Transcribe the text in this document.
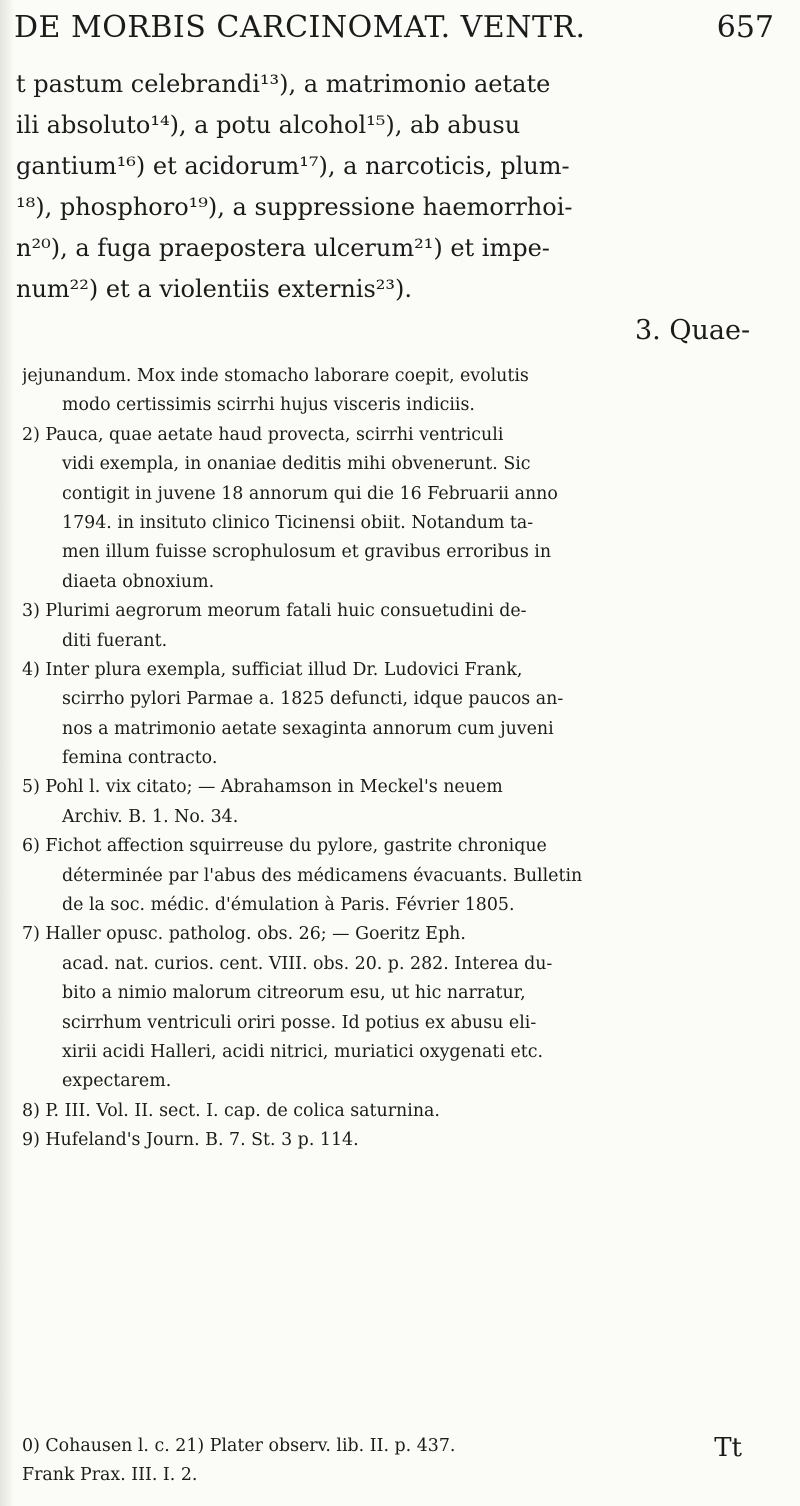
DE MORBIS CARCINOMAT. VENTR.	657
t pastum celebrandi¹³), a matrimonio aetate
ili absoluto¹⁴), a potu alcohol¹⁵), ab abusu
gantium¹⁶) et acidorum¹⁷), a narcoticis, plum-
¹⁸), phosphoro¹⁹), a suppressione haemorrhoi-
n²⁰), a fuga praepostera ulcerum²¹) et impe-
num²²) et a violentiis externis²³).
3. Quae-
jejunandum. Mox inde stomacho laborare coepit, evolutis
modo certissimis scirrhi hujus visceris indiciis.
2) Pauca, quae aetate haud provecta, scirrhi ventriculi
vidi exempla, in onaniae deditis mihi obvenerunt. Sic
contigit in juvene 18 annorum qui die 16 Februarii anno
1794. in insituto clinico Ticinensi obiit. Notandum ta-
men illum fuisse scrophulosum et gravibus erroribus in
diaeta obnoxium.
3) Plurimi aegrorum meorum fatali huic consuetudini de-
diti fuerant.
4) Inter plura exempla, sufficiat illud Dr. Ludovici Frank,
scirrho pylori Parmae a. 1825 defuncti, idque paucos an-
nos a matrimonio aetate sexaginta annorum cum juveni
femina contracto.
5) Pohl l. vix citato; — Abrahamson in Meckel's neuem
Archiv. B. 1. No. 34.
6) Fichot affection squirreuse du pylore, gastrite chronique
déterminée par l'abus des médicamens évacuants. Bulletin
de la soc. médic. d'émulation à Paris. Février 1805.
7) Haller opusc. patholog. obs. 26; — Goeritz Eph.
acad. nat. curios. cent. VIII. obs. 20. p. 282. Interea du-
bito a nimio malorum citreorum esu, ut hic narratur,
scirrhum ventriculi oriri posse. Id potius ex abusu eli-
xirii acidi Halleri, acidi nitrici, muriatici oxygenati etc.
expectarem.
8) P. III. Vol. II. sect. I. cap. de colica saturnina.
9) Hufeland's Journ. B. 7. St. 3 p. 114.
0) Cohausen l. c. 21) Plater observ. lib. II. p. 437.
Frank Prax. III. I. 2.
Tt
